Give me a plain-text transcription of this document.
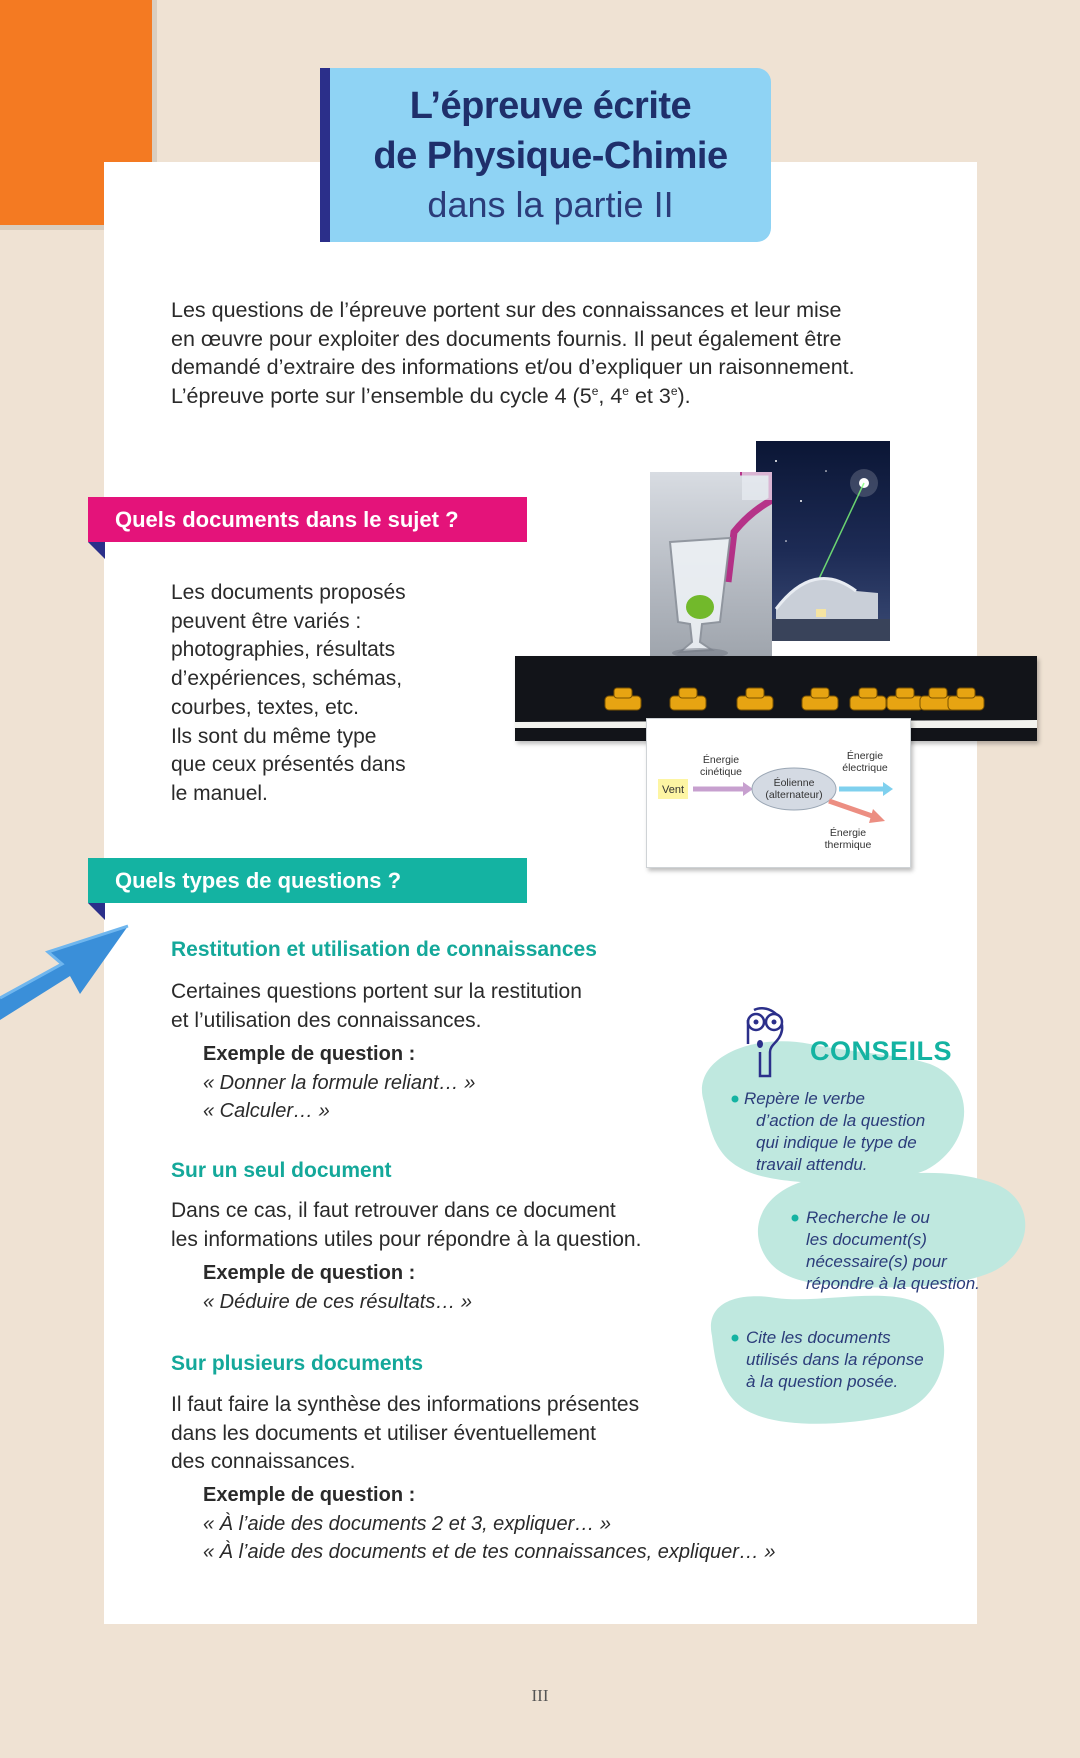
L’épreuve écrite
de Physique-Chimie
dans la partie II
Les questions de l’épreuve portent sur des connaissances et leur mise
en œuvre pour exploiter des documents fournis. Il peut également être
demandé d’extraire des informations et/ou d’expliquer un raisonnement.
L’épreuve porte sur l’ensemble du cycle 4 (5e, 4e et 3e).
Quels documents dans le sujet ?
Les documents proposés
peuvent être variés :
photographies, résultats
d’expériences, schémas,
courbes, textes, etc.
Ils sont du même type
que ceux présentés dans
le manuel.	Vent
Énergie
cinétique
Éolienne
(alternateur)
Énergie
électrique
Énergie
thermique
Quels types de questions ?
Restitution et utilisation de connaissances
Certaines questions portent sur la restitution
et l’utilisation des connaissances.
Exemple de question :
« Donner la formule reliant… »
« Calculer… »
Sur un seul document
Dans ce cas, il faut retrouver dans ce document
les informations utiles pour répondre à la question.
Exemple de question :
« Déduire de ces résultats… »
Sur plusieurs documents
Il faut faire la synthèse des informations présentes
dans les documents et utiliser éventuellement
des connaissances.
Exemple de question :
« À l’aide des documents 2 et 3, expliquer… »
« À l’aide des documents et de tes connaissances, expliquer… »
CONSEILS
Repère le verbe d’action de la question qui indique le type de travail attendu.
Recherche le ou les document(s) nécessaire(s) pour répondre à la question.
Cite les documents utilisés dans la réponse à la question posée.
III
